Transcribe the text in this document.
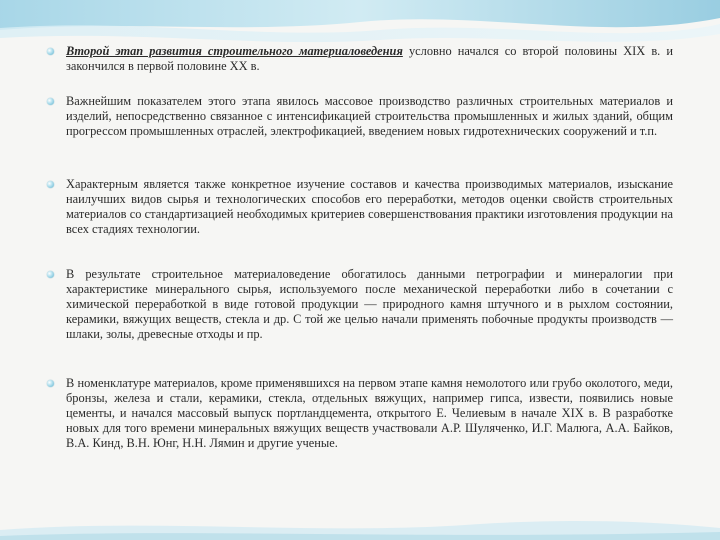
Второй этап развития строительного материаловедения условно начался со второй половины XIX в. и закончился в первой половине XX в.
Важнейшим показателем этого этапа явилось массовое производство различных строительных материалов и изделий, непосредственно связанное с интенсификацией строительства промышленных и жилых зданий, общим прогрессом промышленных отраслей, электрофикацией, введением новых гидротехнических сооружений и т.п.
Характерным является также конкретное изучение составов и качества производимых материалов, изыскание наилучших видов сырья и технологических способов его переработки, методов оценки свойств строительных материалов со стандартизацией необходимых критериев совершенствования практики изготовления продукции на всех стадиях технологии.
В результате строительное материаловедение обогатилось данными петрографии и минералогии при характеристике минерального сырья, используемого после механической переработки либо в сочетании с химической переработкой в виде готовой продукции — природного камня штучного и в рыхлом состоянии, керамики, вяжущих веществ, стекла и др. С той же целью начали применять побочные продукты производств — шлаки, золы, древесные отходы и пр.
В номенклатуре материалов, кроме применявшихся на первом этапе камня немолотого или грубо околотого, меди, бронзы, железа и стали, керамики, стекла, отдельных вяжущих, например гипса, извести, появились новые цементы, и начался массовый выпуск портландцемента, открытого Е. Челиевым в начале XIX в. В разработке новых для того времени минеральных вяжущих веществ участвовали А.Р. Шуляченко, И.Г. Малюга, А.А. Байков, В.А. Кинд, В.Н. Юнг, Н.Н. Лямин и другие ученые.
